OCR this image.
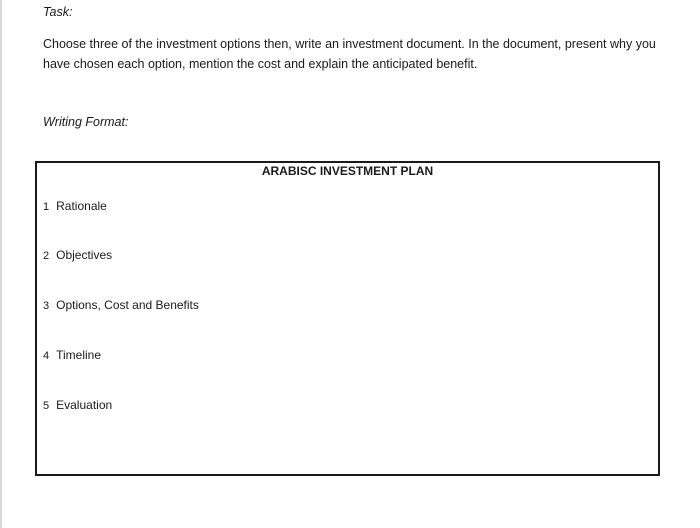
Task:
Choose three of the investment options then, write an investment document. In the document, present why you have chosen each option, mention the cost and explain the anticipated benefit.
Writing Format:
ARABISC INVESTMENT PLAN
1 Rationale
2 Objectives
3 Options, Cost and Benefits
4 Timeline
5 Evaluation
